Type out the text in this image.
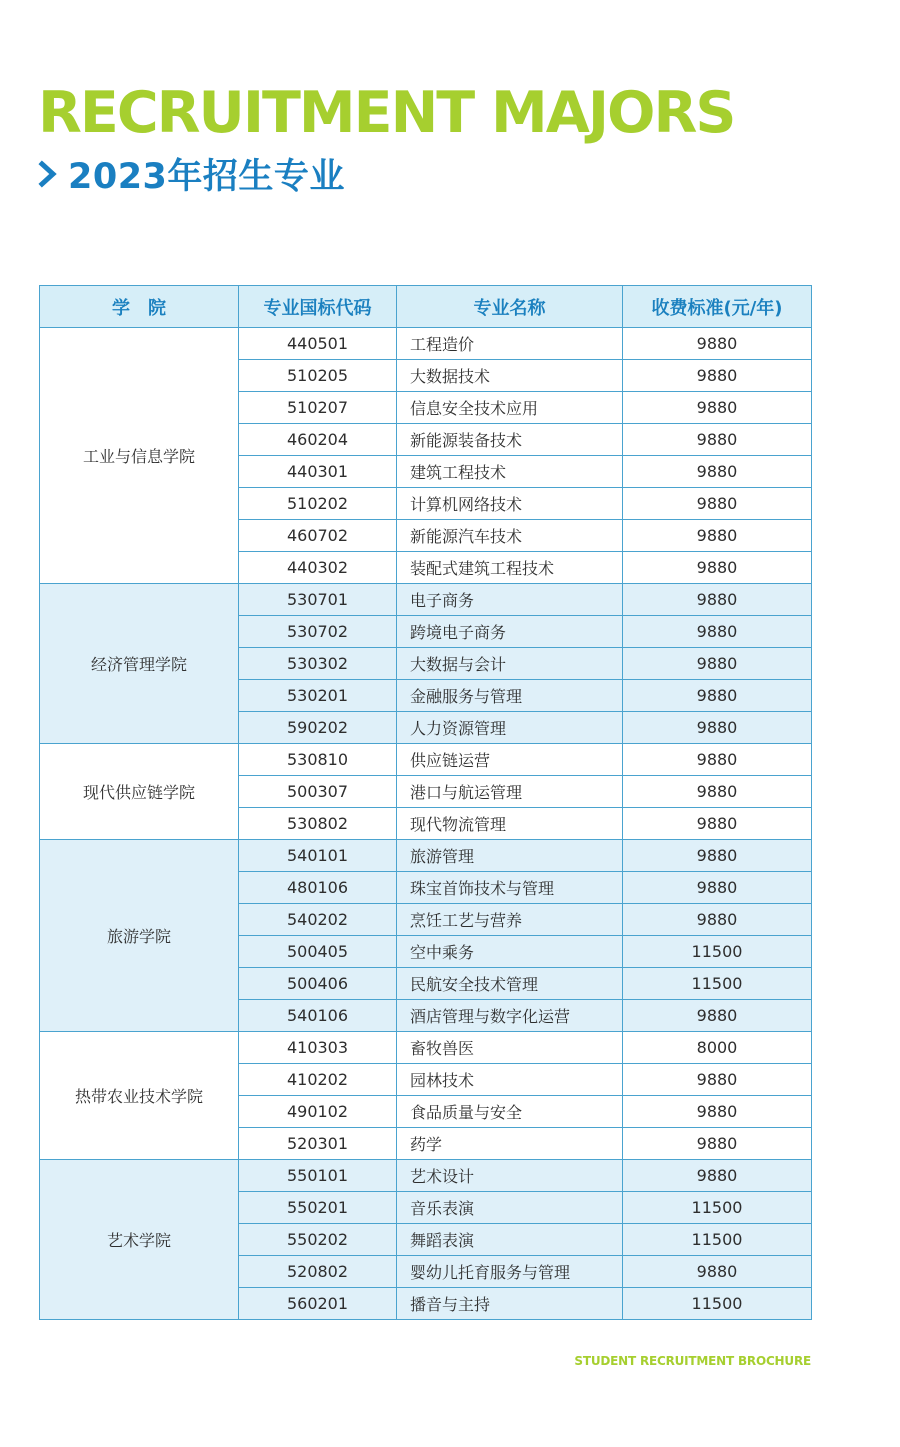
RECRUITMENT MAJORS
2023年招生专业
学　院	专业国标代码	专业名称	收费标准(元/年)
工业与信息学院	440501	工程造价	9880
	510205	大数据技术	9880
	510207	信息安全技术应用	9880
	460204	新能源装备技术	9880
	440301	建筑工程技术	9880
	510202	计算机网络技术	9880
	460702	新能源汽车技术	9880
	440302	装配式建筑工程技术	9880
经济管理学院	530701	电子商务	9880
	530702	跨境电子商务	9880
	530302	大数据与会计	9880
	530201	金融服务与管理	9880
	590202	人力资源管理	9880
现代供应链学院	530810	供应链运营	9880
	500307	港口与航运管理	9880
	530802	现代物流管理	9880
旅游学院	540101	旅游管理	9880
	480106	珠宝首饰技术与管理	9880
	540202	烹饪工艺与营养	9880
	500405	空中乘务	11500
	500406	民航安全技术管理	11500
	540106	酒店管理与数字化运营	9880
热带农业技术学院	410303	畜牧兽医	8000
	410202	园林技术	9880
	490102	食品质量与安全	9880
	520301	药学	9880
艺术学院	550101	艺术设计	9880
	550201	音乐表演	11500
	550202	舞蹈表演	11500
	520802	婴幼儿托育服务与管理	9880
	560201	播音与主持	11500
STUDENT RECRUITMENT BROCHURE
